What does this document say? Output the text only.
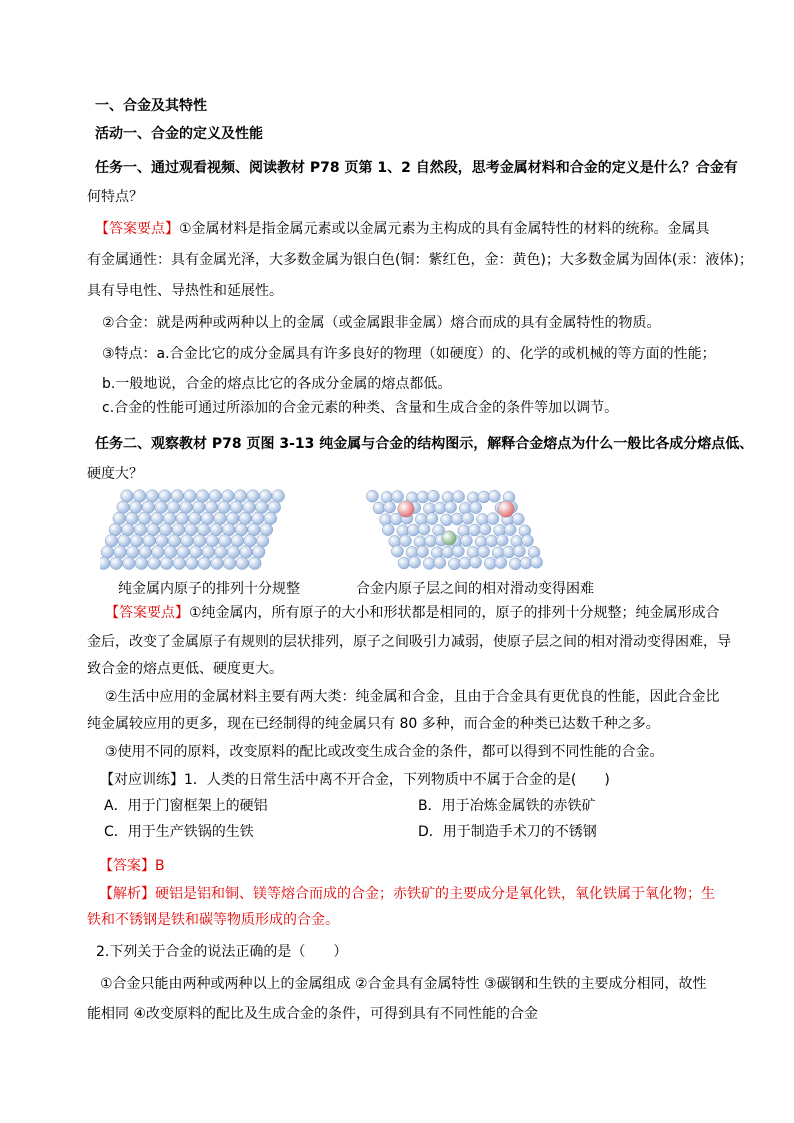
一、合金及其特性
活动一、合金的定义及性能
任务一、通过观看视频、阅读教材 P78 页第 1、2 自然段，思考金属材料和合金的定义是什么？合金有
何特点？
【答案要点】①金属材料是指金属元素或以金属元素为主构成的具有金属特性的材料的统称。金属具
有金属通性：具有金属光泽，大多数金属为银白色(铜：紫红色，金：黄色)；大多数金属为固体(汞：液体)；
具有导电性、导热性和延展性。
②合金：就是两种或两种以上的金属（或金属跟非金属）熔合而成的具有金属特性的物质。
③特点：a.合金比它的成分金属具有许多良好的物理（如硬度）的、化学的或机械的等方面的性能；
b.一般地说，合金的熔点比它的各成分金属的熔点都低。
c.合金的性能可通过所添加的合金元素的种类、含量和生成合金的条件等加以调节。
任务二、观察教材 P78 页图 3-13 纯金属与合金的结构图示，解释合金熔点为什么一般比各成分熔点低、
硬度大？
纯金属内原子的排列十分规整	合金内原子层之间的相对滑动变得困难
【答案要点】①纯金属内，所有原子的大小和形状都是相同的，原子的排列十分规整；纯金属形成合
金后，改变了金属原子有规则的层状排列，原子之间吸引力减弱，使原子层之间的相对滑动变得困难，导
致合金的熔点更低、硬度更大。
②生活中应用的金属材料主要有两大类：纯金属和合金，且由于合金具有更优良的性能，因此合金比
纯金属较应用的更多，现在已经制得的纯金属只有 80 多种，而合金的种类已达数千种之多。
③使用不同的原料，改变原料的配比或改变生成合金的条件，都可以得到不同性能的合金。
【对应训练】1．人类的日常生活中离不开合金，下列物质中不属于合金的是(　　)
A．用于门窗框架上的硬铝	B．用于冶炼金属铁的赤铁矿
C．用于生产铁锅的生铁	D．用于制造手术刀的不锈钢
【答案】B
【解析】硬铝是铝和铜、镁等熔合而成的合金；赤铁矿的主要成分是氧化铁，氧化铁属于氧化物；生
铁和不锈钢是铁和碳等物质形成的合金。
2.下列关于合金的说法正确的是（　　）
①合金只能由两种或两种以上的金属组成 ②合金具有金属特性 ③碳钢和生铁的主要成分相同，故性
能相同 ④改变原料的配比及生成合金的条件，可得到具有不同性能的合金
